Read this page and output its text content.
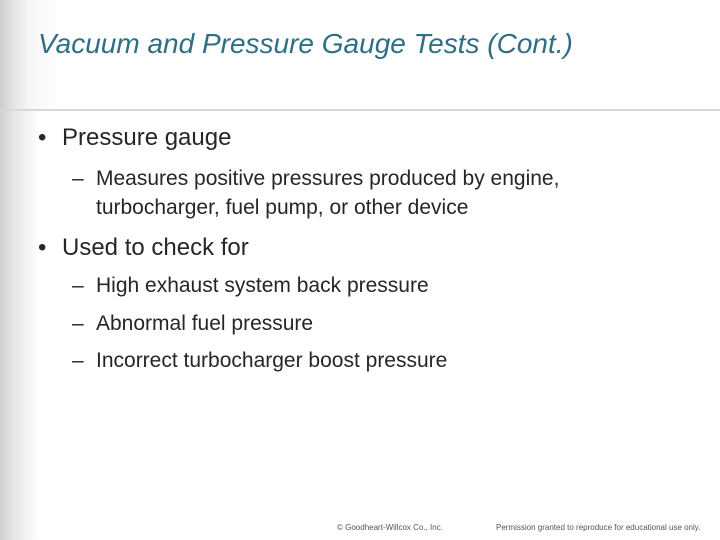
Vacuum and Pressure Gauge Tests (Cont.)
• Pressure gauge
– Measures positive pressures produced by engine, turbocharger, fuel pump, or other device
• Used to check for
– High exhaust system back pressure
– Abnormal fuel pressure
– Incorrect turbocharger boost pressure
© Goodheart-Willcox Co., Inc.	Permission granted to reproduce for educational use only.
